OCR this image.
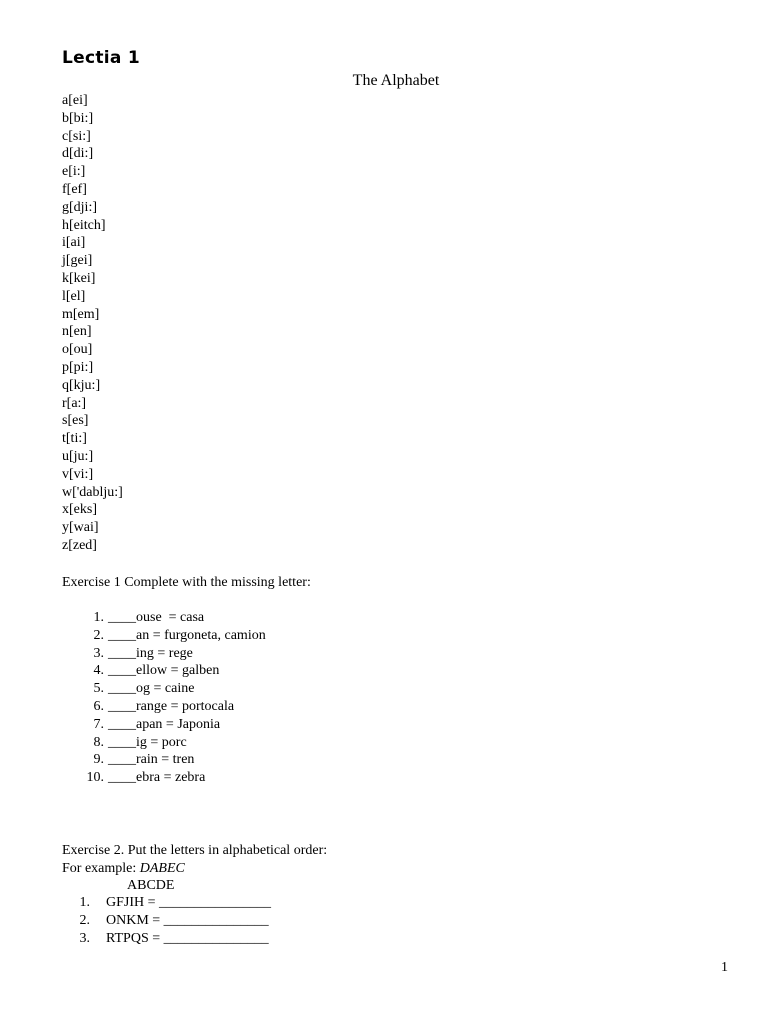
Lectia 1
The Alphabet
a[ei]
b[bi:]
c[si:]
d[di:]
e[i:]
f[ef]
g[dji:]
h[eitch]
i[ai]
j[gei]
k[kei]
l[el]
m[em]
n[en]
o[ou]
p[pi:]
q[kju:]
r[a:]
s[es]
t[ti:]
u[ju:]
v[vi:]
w['dablju:]
x[eks]
y[wai]
z[zed]
Exercise 1 Complete with the missing letter:
1. ____ouse  = casa
2. ____an = furgoneta, camion
3. ____ing = rege
4. ____ellow = galben
5. ____og = caine
6. ____range = portocala
7. ____apan = Japonia
8. ____ig = porc
9. ____rain = tren
10. ____ebra = zebra
Exercise 2. Put the letters in alphabetical order:
For example: DABEC
ABCDE
1. GFJIH = ________________
2. ONKM = _______________
3. RTPQS = _______________
1
